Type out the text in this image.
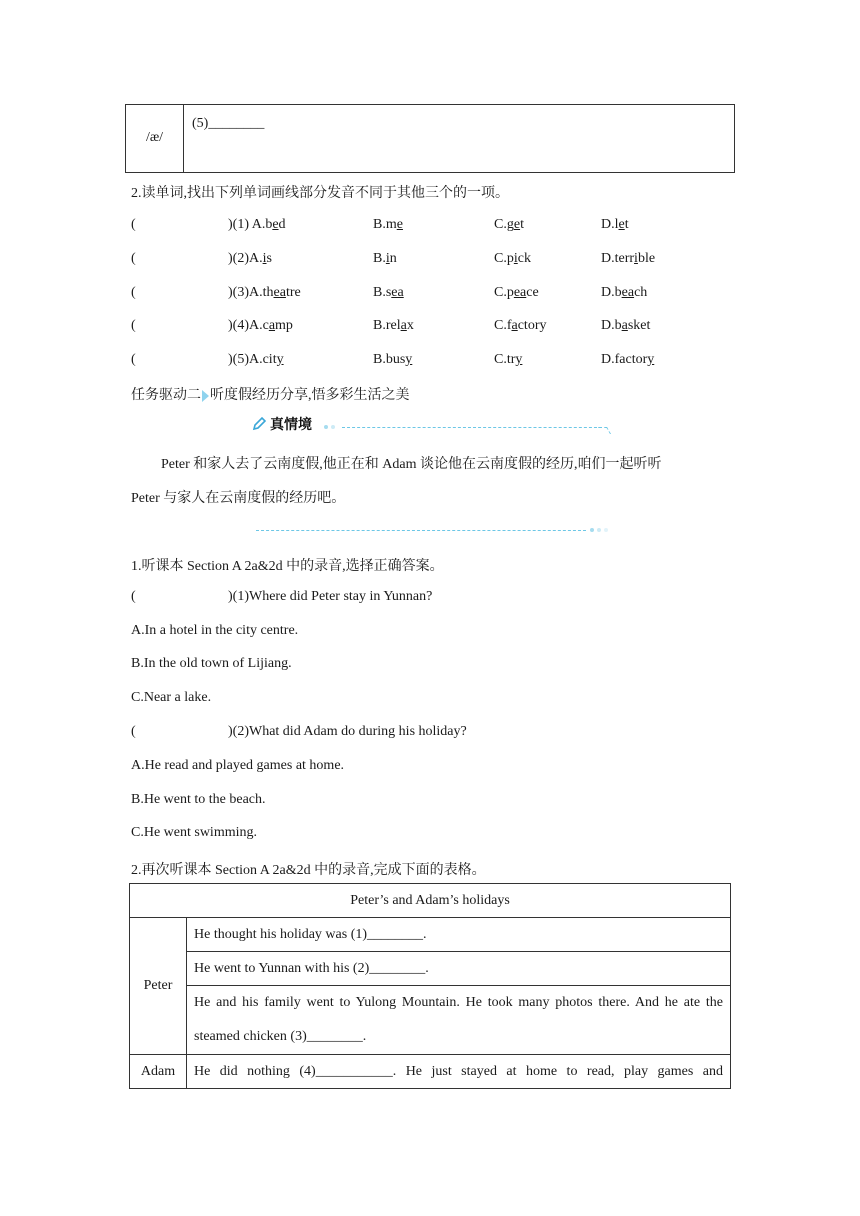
/æ/
(5)________
2.读单词,找出下列单词画线部分发音不同于其他三个的一项。
(	)(1) A.bed	B.me	C.get	D.let
(	)(2)A.is	B.in	C.pick	D.terrible
(	)(3)A.theatre	B.sea	C.peace	D.beach
(	)(4)A.camp	B.relax	C.factory	D.basket
(	)(5)A.city	B.busy	C.try	D.factory
任务驱动二 听度假经历分享,悟多彩生活之美
真情境
Peter 和家人去了云南度假,他正在和 Adam 谈论他在云南度假的经历,咱们一起听听
Peter 与家人在云南度假的经历吧。
1.听课本 Section A 2a&2d 中的录音,选择正确答案。
(	)(1)Where did Peter stay in Yunnan?
A.In a hotel in the city centre.
B.In the old town of Lijiang.
C.Near a lake.
(	)(2)What did Adam do during his holiday?
A.He read and played games at home.
B.He went to the beach.
C.He went swimming.
2.再次听课本 Section A 2a&2d 中的录音,完成下面的表格。
Peter’s and Adam’s holidays	
Peter	He thought his holiday was (1)________.
	He went to Yunnan with his (2)________.
	He and his family went to Yulong Mountain. He took many photos there. And he ate the steamed chicken (3)________.
Adam	He did nothing (4)___________. He just stayed at home to read, play games and
